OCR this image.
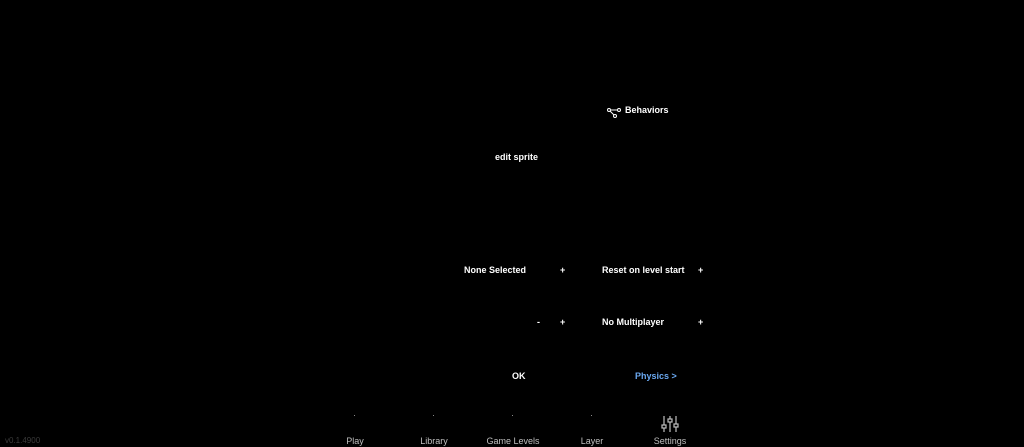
Behaviors
edit sprite
None Selected	+	Reset on level start +
- +	No Multiplayer	+
OK	Physics >
Play	Library	Game Levels	Layer	Settings
v0.1.4900
